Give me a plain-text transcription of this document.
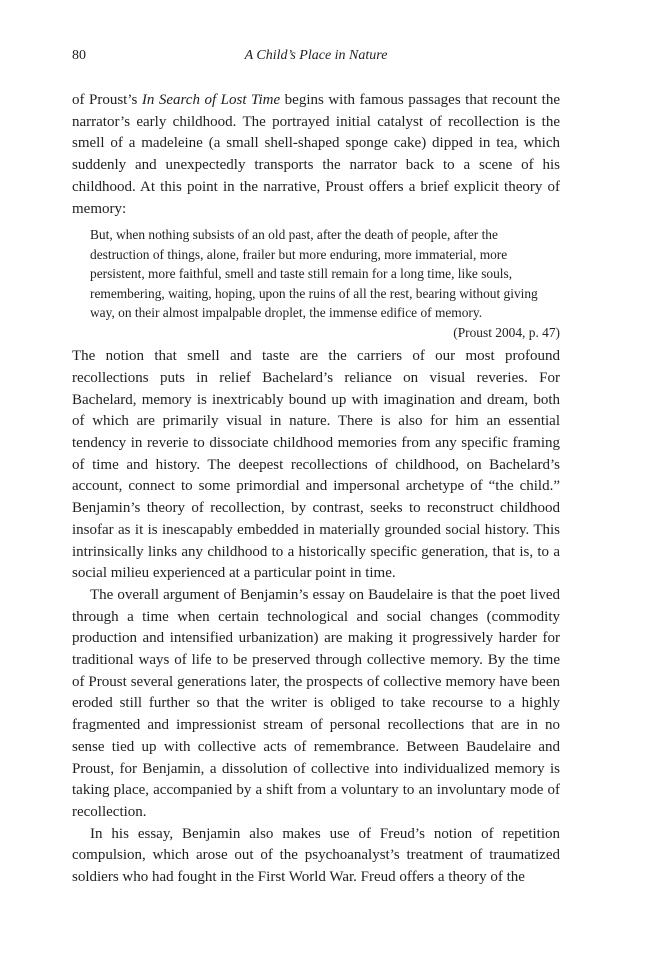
80	A Child’s Place in Nature

of Proust’s In Search of Lost Time begins with famous passages that recount the narrator’s early childhood. The portrayed initial catalyst of recollection is the smell of a madeleine (a small shell-shaped sponge cake) dipped in tea, which suddenly and unexpectedly transports the narrator back to a scene of his childhood. At this point in the narrative, Proust offers a brief explicit theory of memory:

But, when nothing subsists of an old past, after the death of people, after the destruction of things, alone, frailer but more enduring, more immaterial, more persistent, more faithful, smell and taste still remain for a long time, like souls, remembering, waiting, hoping, upon the ruins of all the rest, bearing without giving way, on their almost impalpable droplet, the immense edifice of memory.

(Proust 2004, p. 47)

The notion that smell and taste are the carriers of our most profound recollections puts in relief Bachelard’s reliance on visual reveries. For Bachelard, memory is inextricably bound up with imagination and dream, both of which are primarily visual in nature. There is also for him an essential tendency in reverie to dissociate childhood memories from any specific framing of time and history. The deepest recollections of childhood, on Bachelard’s account, connect to some primordial and impersonal archetype of “the child.” Benjamin’s theory of recollection, by contrast, seeks to reconstruct childhood insofar as it is inescapably embedded in materially grounded social history. This intrinsically links any childhood to a historically specific generation, that is, to a social milieu experienced at a particular point in time.

The overall argument of Benjamin’s essay on Baudelaire is that the poet lived through a time when certain technological and social changes (commodity production and intensified urbanization) are making it progressively harder for traditional ways of life to be preserved through collective memory. By the time of Proust several generations later, the prospects of collective memory have been eroded still further so that the writer is obliged to take recourse to a highly fragmented and impressionist stream of personal recollections that are in no sense tied up with collective acts of remembrance. Between Baudelaire and Proust, for Benjamin, a dissolution of collective into individualized memory is taking place, accompanied by a shift from a voluntary to an involuntary mode of recollection.

In his essay, Benjamin also makes use of Freud’s notion of repetition compulsion, which arose out of the psychoanalyst’s treatment of traumatized soldiers who had fought in the First World War. Freud offers a theory of the
